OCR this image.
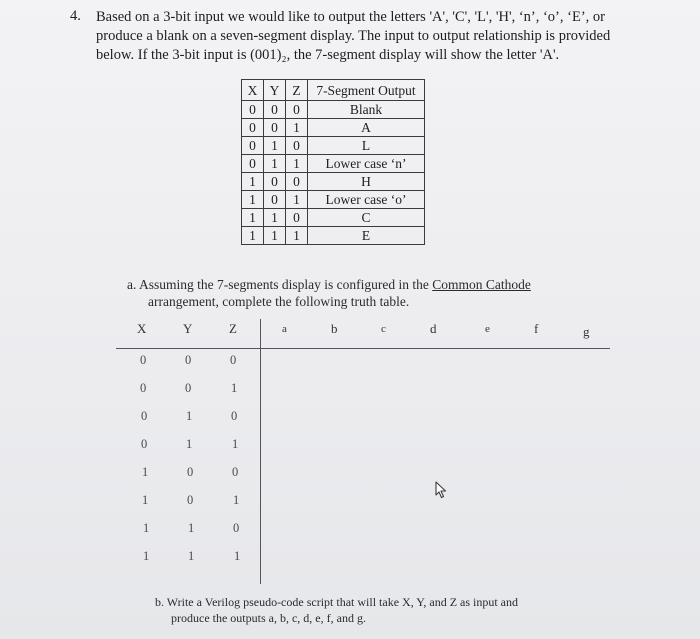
4. Based on a 3-bit input we would like to output the letters 'A', 'C', 'L', 'H', ‘n’, ‘o’, ‘E’, or
produce a blank on a seven-segment display. The input to output relationship is provided
below. If the 3-bit input is (001)₂, the 7-segment display will show the letter 'A'.
X	Y	Z	7-Segment Output
0	0	0	Blank
0	0	1	A
0	1	0	L
0	1	1	Lower case ‘n’
1	0	0	H
1	0	1	Lower case ‘o’
1	1	0	C
1	1	1	E
a. Assuming the 7-segments display is configured in the Common Cathode
arrangement, complete the following truth table.
X	Y	Z	a	b	c	d	e	f	g
0	0	0
0	0	1
0	1	0
0	1	1
1	0	0
1	0	1
1	1	0
1	1	1
b. Write a Verilog pseudo-code script that will take X, Y, and Z as input and
produce the outputs a, b, c, d, e, f, and g.
